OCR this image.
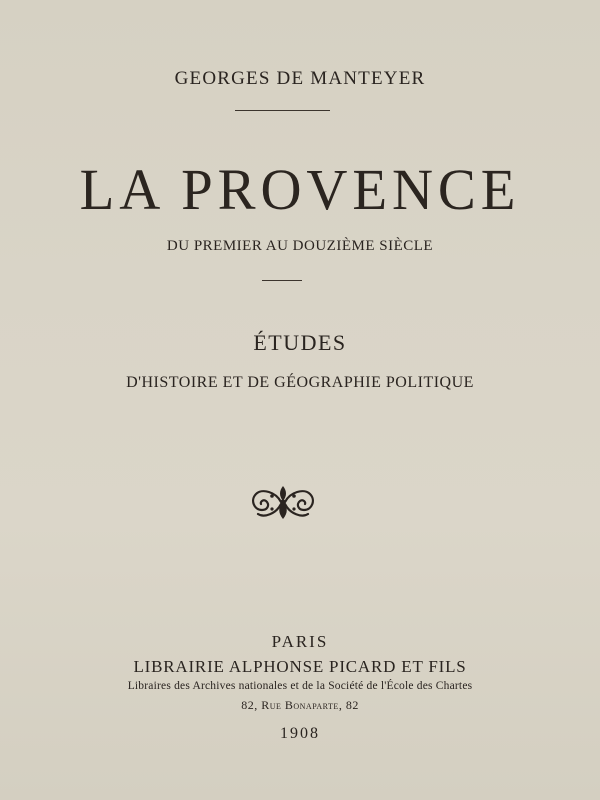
GEORGES DE MANTEYER
LA PROVENCE
DU PREMIER AU DOUZIÈME SIÈCLE
ÉTUDES
D'HISTOIRE ET DE GÉOGRAPHIE POLITIQUE
PARIS
LIBRAIRIE ALPHONSE PICARD ET FILS
Libraires des Archives nationales et de la Société de l'École des Chartes
82, Rue Bonaparte, 82
1908
